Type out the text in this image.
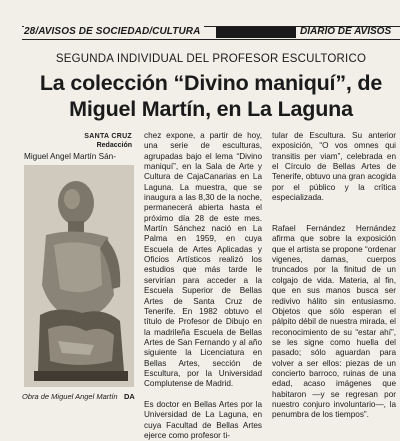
28/AVISOS DE SOCIEDAD/CULTURA	DIARIO DE AVISOS
SEGUNDA INDIVIDUAL DEL PROFESOR ESCULTORICO
La colección “Divino maniquí”, de Miguel Martín, en La Laguna
SANTA CRUZ
Redacción
Miguel Angel Martín Sán-
Obra de Miguel Angel Martín DA
chez expone, a partir de hoy, una serie de esculturas, agrupadas bajo el lema “Divino maniquí”, en la Sala de Arte y Cultura de CajaCanarias en La Laguna. La muestra, que se inaugura a las 8,30 de la noche, permanecerá abierta hasta el próximo día 28 de este mes. Martín Sánchez nació en La Palma en 1959, en cuya Escuela de Artes Aplicadas y Oficios Artísticos realizó los estudios que más tarde le servirían para acceder a la Escuela Superior de Bellas Artes de Santa Cruz de Tenerife. En 1982 obtuvo el título de Profesor de Dibujo en la madrileña Escuela de Bellas Artes de San Fernando y al año siguiente la Licenciatura en Bellas Artes, sección de Escultura, por la Universidad Complutense de Madrid.

Es doctor en Bellas Artes por la Universidad de La Laguna, en cuya Facultad de Bellas Artes ejerce como profesor ti-
tular de Escultura. Su anterior exposición, “O vos omnes qui transitis per viam”, celebrada en el Círculo de Bellas Artes de Tenerife, obtuvo una gran acogida por el público y la crítica especializada.

Rafael Fernández Hernández afirma que sobre la exposición que el artista se propone “ordenar vigenes, damas, cuerpos truncados por la finitud de un colgajo de vida. Materia, al fin, que en sus manos busca ser redivivo hálito sin entusiasmo. Objetos que sólo esperan el pálpito débil de nuestra mirada, el reconocimiento de su “estar ahí”, se les signe como huella del pasado; sólo aguardan para volver a ser ellos: piezas de un concierto barroco, ruinas de una edad, acaso imágenes que habitaron —y se regresan por nuestro conjuro involuntario—, la penumbra de los tiempos”.
